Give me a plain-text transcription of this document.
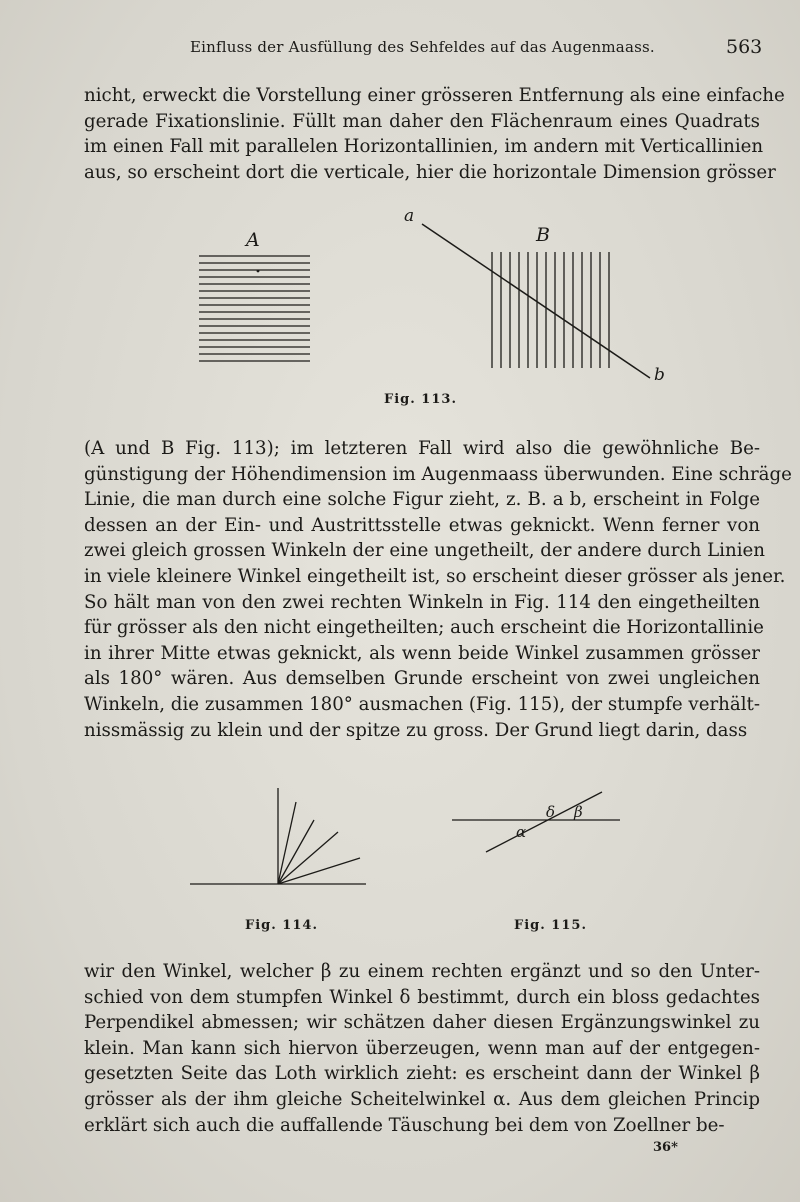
Einfluss der Ausfüllung des Sehfeldes auf das Augenmaass.	563
nicht, erweckt die Vorstellung einer grösseren Entfernung als eine einfache
gerade Fixationslinie. Füllt man daher den Flächenraum eines Quadrats
im einen Fall mit parallelen Horizontallinien, im andern mit Verticallinien
aus, so erscheint dort die verticale, hier die horizontale Dimension grösser
A	B
a
b
Fig. 113.
(A und B Fig. 113); im letzteren Fall wird also die gewöhnliche Be-
günstigung der Höhendimension im Augenmaass überwunden. Eine schräge
Linie, die man durch eine solche Figur zieht, z. B. a b, erscheint in Folge
dessen an der Ein- und Austrittsstelle etwas geknickt. Wenn ferner von
zwei gleich grossen Winkeln der eine ungetheilt, der andere durch Linien
in viele kleinere Winkel eingetheilt ist, so erscheint dieser grösser als jener.
So hält man von den zwei rechten Winkeln in Fig. 114 den eingetheilten
für grösser als den nicht eingetheilten; auch erscheint die Horizontallinie
in ihrer Mitte etwas geknickt, als wenn beide Winkel zusammen grösser
als 180° wären. Aus demselben Grunde erscheint von zwei ungleichen
Winkeln, die zusammen 180° ausmachen (Fig. 115), der stumpfe verhält-
nissmässig zu klein und der spitze zu gross. Der Grund liegt darin, dass
Fig. 114.
δ β
α
Fig. 115.
wir den Winkel, welcher β zu einem rechten ergänzt und so den Unter-
schied von dem stumpfen Winkel δ bestimmt, durch ein bloss gedachtes
Perpendikel abmessen; wir schätzen daher diesen Ergänzungswinkel zu
klein. Man kann sich hiervon überzeugen, wenn man auf der entgegen-
gesetzten Seite das Loth wirklich zieht: es erscheint dann der Winkel β
grösser als der ihm gleiche Scheitelwinkel α. Aus dem gleichen Princip
erklärt sich auch die auffallende Täuschung bei dem von Zoellner be-
36*
